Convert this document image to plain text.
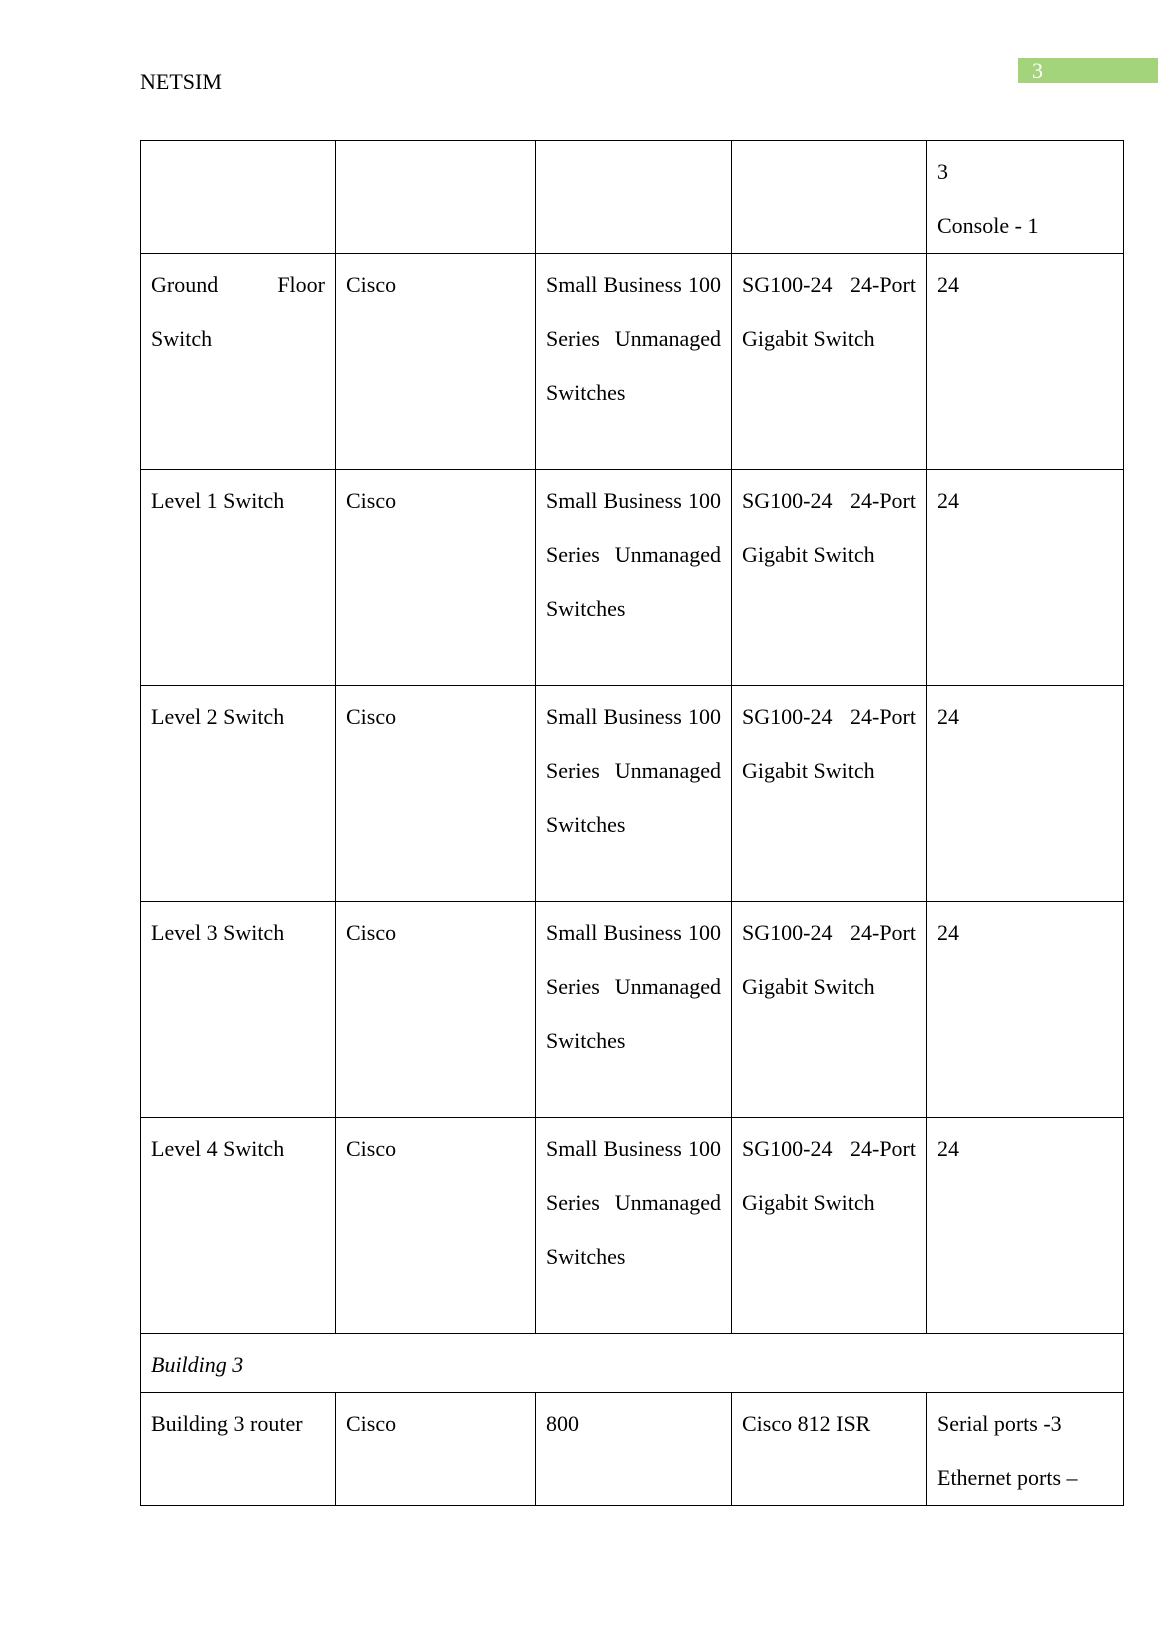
NETSIM	3

				3
Console - 1

Ground Floor Switch	Cisco	Small Business 100 Series Unmanaged Switches	SG100-24 24-Port Gigabit Switch	24

Level 1 Switch	Cisco	Small Business 100 Series Unmanaged Switches	SG100-24 24-Port Gigabit Switch	24

Level 2 Switch	Cisco	Small Business 100 Series Unmanaged Switches	SG100-24 24-Port Gigabit Switch	24

Level 3 Switch	Cisco	Small Business 100 Series Unmanaged Switches	SG100-24 24-Port Gigabit Switch	24

Level 4 Switch	Cisco	Small Business 100 Series Unmanaged Switches	SG100-24 24-Port Gigabit Switch	24

Building 3				

Building 3 router	Cisco	800	Cisco 812 ISR	Serial ports -3
Ethernet ports –
